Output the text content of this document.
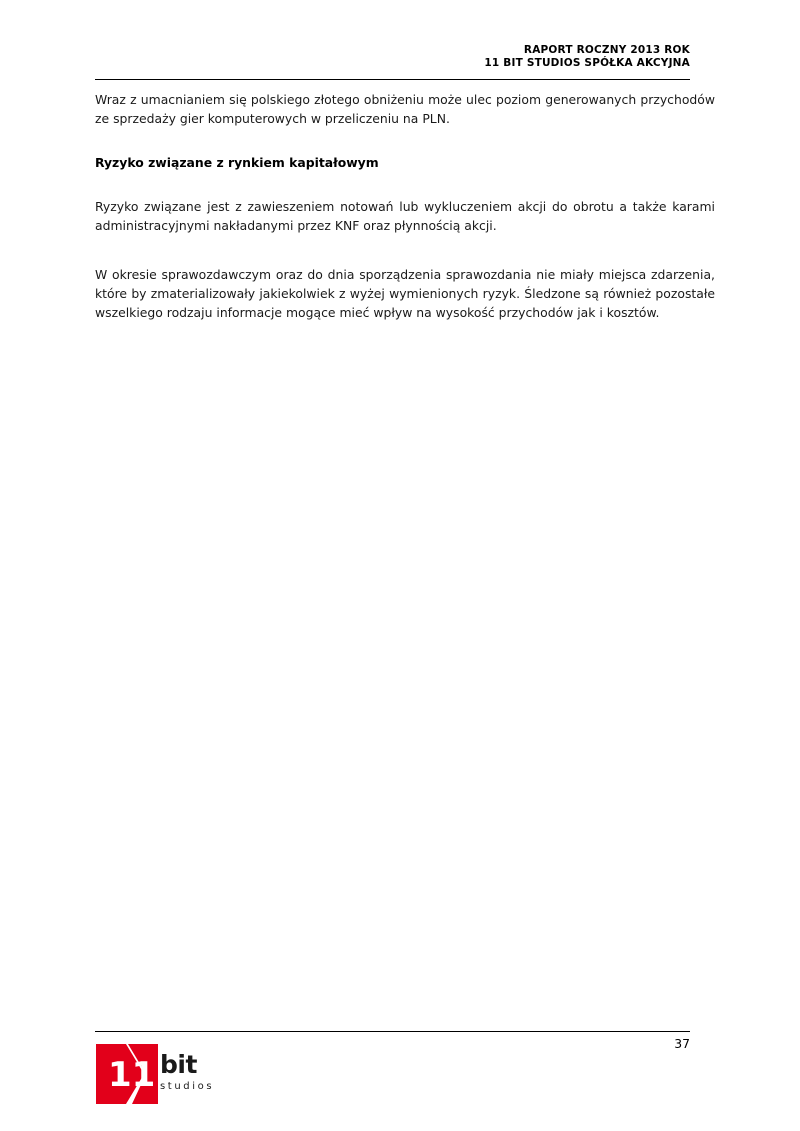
RAPORT ROCZNY 2013 ROK
11 BIT STUDIOS SPÓŁKA AKCYJNA

Wraz z umacnianiem się polskiego złotego obniżeniu może ulec poziom generowanych przychodów ze sprzedaży gier komputerowych w przeliczeniu na PLN.

Ryzyko związane z rynkiem kapitałowym

Ryzyko związane jest z zawieszeniem notowań lub wykluczeniem akcji do obrotu a także karami administracyjnymi nakładanymi przez KNF oraz płynnością akcji.

W okresie sprawozdawczym oraz do dnia sporządzenia sprawozdania nie miały miejsca zdarzenia, które by zmaterializowały jakiekolwiek z wyżej wymienionych ryzyk. Śledzone są również pozostałe wszelkiego rodzaju informacje mogące mieć wpływ na wysokość przychodów jak i kosztów.

37
11 bit
studios
